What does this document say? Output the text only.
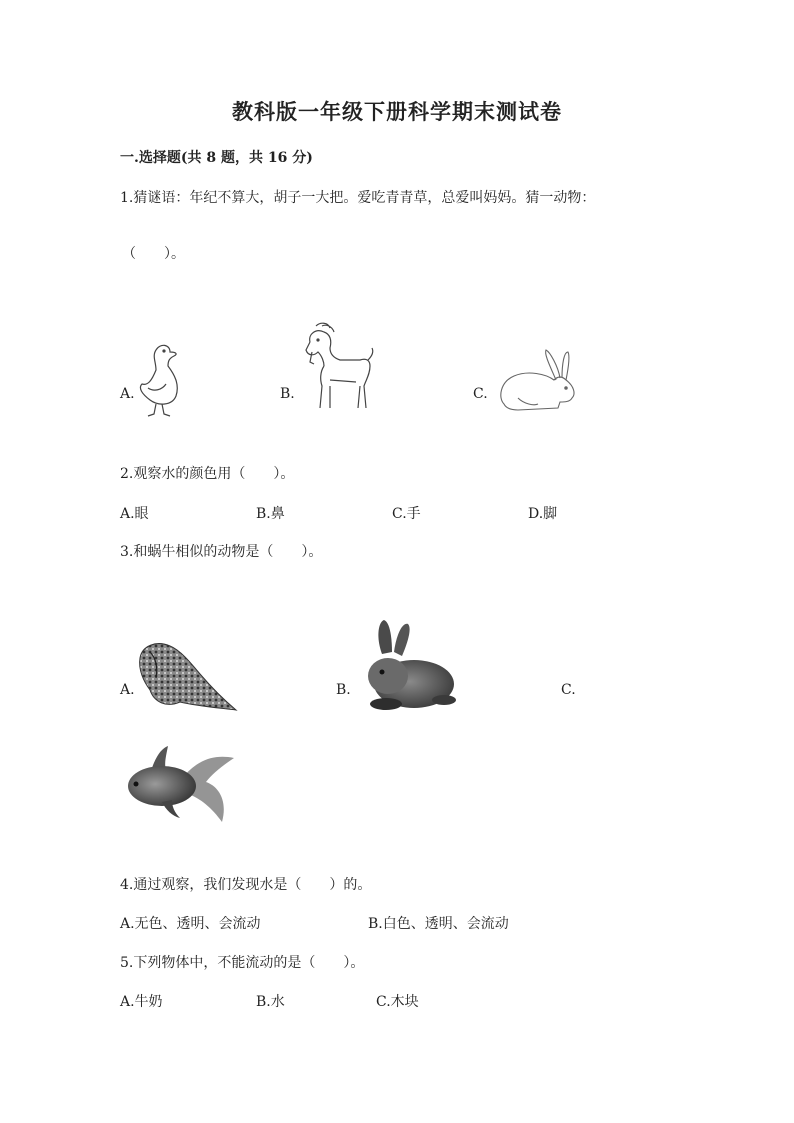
教科版一年级下册科学期末测试卷
一.选择题(共 8 题，共 16 分)
1.猜谜语：年纪不算大，胡子一大把。爱吃青青草，总爱叫妈妈。猜一动物：
（　　）。
A.	B.	C.
2.观察水的颜色用（　　）。
A.眼	B.鼻	C.手	D.脚
3.和蜗牛相似的动物是（　　）。
A.	B.	C.
4.通过观察，我们发现水是（　　）的。
A.无色、透明、会流动	B.白色、透明、会流动
5.下列物体中，不能流动的是（　　）。
A.牛奶	B.水	C.木块
